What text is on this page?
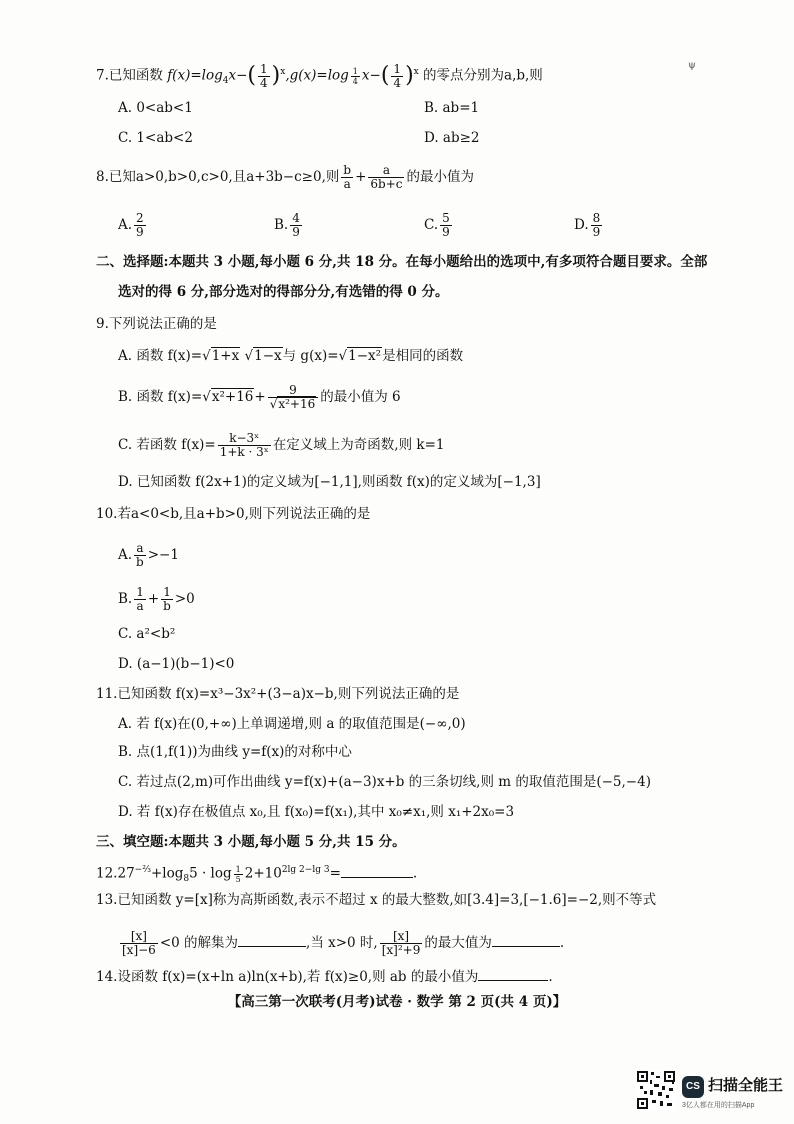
ψ
7.已知函数 $f(x)=\log_4x-( \frac{1}{4} )^x,g(x)=\log \frac{1}{4} x-( \frac{1}{4} )^x$ 的零点分别为a,b,则
A. 0<ab<1	B. ab=1
C. 1<ab<2	D. ab≥2
8.已知a>0,b>0,c>0,且a+3b−c≥0,则 $\frac{b}{a} + \frac{a}{6b+c}$ 的最小值为
A. $\frac{2}{9}$	B. $\frac{4}{9}$	C. $\frac{5}{9}$	D. $\frac{8}{9}$
二、选择题:本题共 3 小题,每小题 6 分,共 18 分。在每小题给出的选项中,有多项符合题目要求。全部
选对的得 6 分,部分选对的得部分分,有选错的得 0 分。
9.下列说法正确的是
A. 函数 f(x)=√1+x √1−x与 g(x)=√1−x²是相同的函数
B. 函数 $f(x)=√x^2+16+ \frac{9}{\text{√x²+16}}$ 的最小值为 6
C. 若函数 $f(x)= \frac{\text{k−3ˣ}}{\text{1+k · 3ˣ}}$ 在定义域上为奇函数,则 k=1
D. 已知函数 f(2x+1)的定义域为[−1,1],则函数 f(x)的定义域为[−1,3]
10.若a<0<b,且a+b>0,则下列说法正确的是
A. $\frac{a}{b} >-1$
B. $\frac{1}{a} + \frac{1}{b} >0$
C. a²<b²
D. (a−1)(b−1)<0
11.已知函数 f(x)=x³−3x²+(3−a)x−b,则下列说法正确的是
A. 若 f(x)在(0,+∞)上单调递增,则 a 的取值范围是(−∞,0)
B. 点(1,f(1))为曲线 y=f(x)的对称中心
C. 若过点(2,m)可作出曲线 y=f(x)+(a−3)x+b 的三条切线,则 m 的取值范围是(−5,−4)
D. 若 f(x)存在极值点 x₀,且 f(x₀)=f(x₁),其中 x₀≠x₁,则 x₁+2x₀=3
三、填空题:本题共 3 小题,每小题 5 分,共 15 分。
$12.27^{-\frac{2}{3}}+\log_85 \cdot \log \frac{1}{5} 2+10^{2lg 2-lg 3}=$	.
13.已知函数 y=[x]称为高斯函数,表示不超过 x 的最大整数,如[3.4]=3,[−1.6]=−2,则不等式
$\frac{[x]}{[x]-6} <0$ 的解集为	,当 x>0 时, $\frac{[x]}{\text{[x]²+9}}$ 的最大值为	.
14.设函数 f(x)=(x+ln a)ln(x+b),若 f(x)≥0,则 ab 的最小值为	.
【高三第一次联考(月考)试卷 · 数学 第 2 页(共 4 页)】
CS 扫描全能王
3亿人都在用的扫描App
